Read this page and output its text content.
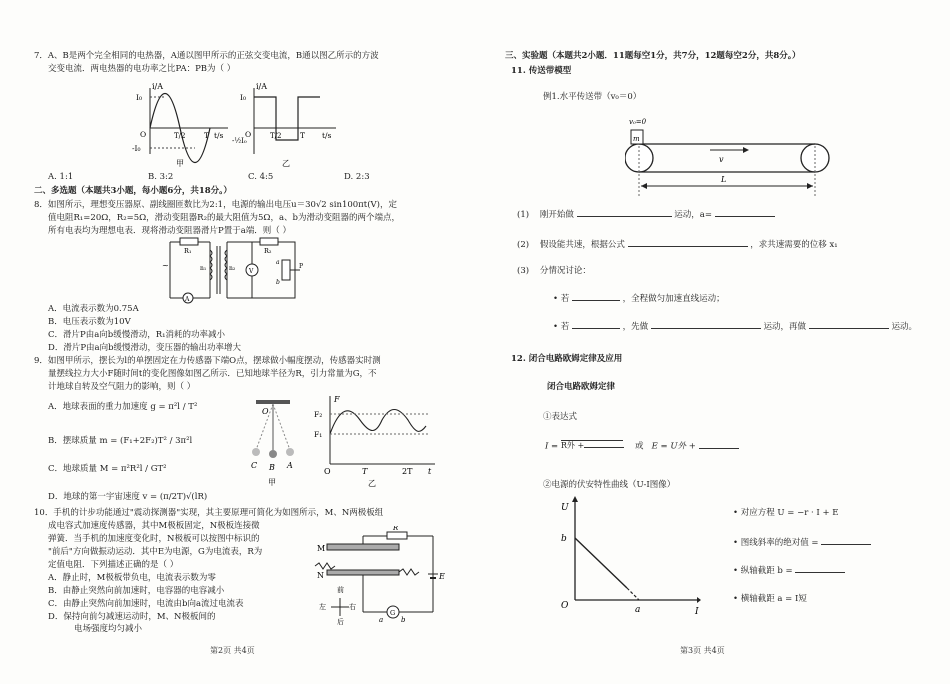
7．A、B是两个完全相同的电热器，A通以图甲所示的正弦交变电流，B通以图乙所示的方波
交变电流．两电热器的电功率之比PA：PB为（ ）
i/A
t/s
I₀
-I₀
O	T/2 T
甲
i/A
t/s
I₀
-½I₀
O	T/2 T
乙
A. 1:1	B. 3:2	C. 4:5	D. 2:3
二、多选题（本题共3小题，每小题6分，共18分。）
8．如图所示，理想变压器原、副线圈匝数比为2:1，电源的输出电压u＝30√2 sin100πt(V)，定
值电阻R₁=20Ω，R₂=5Ω，滑动变阻器R₂的最大阻值为5Ω，a、b为滑动变阻器的两个端点，
所有电表均为理想电表．现将滑动变阻器滑片P置于a端．则（ ）
R₁
A
~	n₁	n₂
R₂
V
P
a
b
A．电流表示数为0.75A
B．电压表示数为10V
C．滑片P由a向b缓慢滑动，R₁消耗的功率减小
D．滑片P由a向b缓慢滑动，变压器的输出功率增大
9．如图甲所示，摆长为l的单摆固定在力传感器下端O点，摆球做小幅度摆动，传感器实时测
量摆线拉力大小F随时间t的变化图像如图乙所示．已知地球半径为R，引力常量为G，不
计地球自转及空气阻力的影响，则（ ）
A．地球表面的重力加速度 g = π²l / T²
B．摆球质量 m = (F₁+2F₂)T² / 3π²l
C．地球质量 M = π²R²l / GT²
D．地球的第一宇宙速度 v = (π/2T)√(lR)
O
C B A
甲
F
F₂
F₁
O	T	2T t
乙
10．手机的计步功能通过"震动探测器"实现，其主要原理可简化为如图所示，M、N两极板组
成电容式加速度传感器，其中M极板固定，N极板连接微
弹簧．当手机的加速度变化时，N极板可以按图中标识的
"前后"方向做振动运动．其中E为电源，G为电流表，R为
定值电阻．下列描述正确的是（ ）
A．静止时，M极板带负电，电流表示数为零
B．由静止突然向前加速时，电容器的电容减小
C．由静止突然向前加速时，电流由b向a流过电流表
D．保持向前匀减速运动时，M、N极板间的
电场强度均匀减小
M
N
R
E
G
a	b
前
后
左	右
第2页 共4页
三、实验题（本题共2小题．11题每空1分，共7分，12题每空2分，共8分。）
11. 传送带模型
例1.水平传送带（v₀＝0）
m
v₀=0
v
L
(1) 刚开始做	运动，a=
(2) 假设能共速，根据公式	，求共速需要的位移 x₁
(3) 分情况讨论：
• 若	，全程做匀加速直线运动；
• 若	，先做	运动，再做	运动。
12. 闭合电路欧姆定律及应用
闭合电路欧姆定律
①表达式
I = R外 +	或 E = U外 +
②电源的伏安特性曲线（U-I图像）
U
I
O
b
a
• 对应方程 U = −r · I + E
• 图线斜率的绝对值 =
• 纵轴截距 b =
• 横轴截距 a = I短
第3页 共4页
